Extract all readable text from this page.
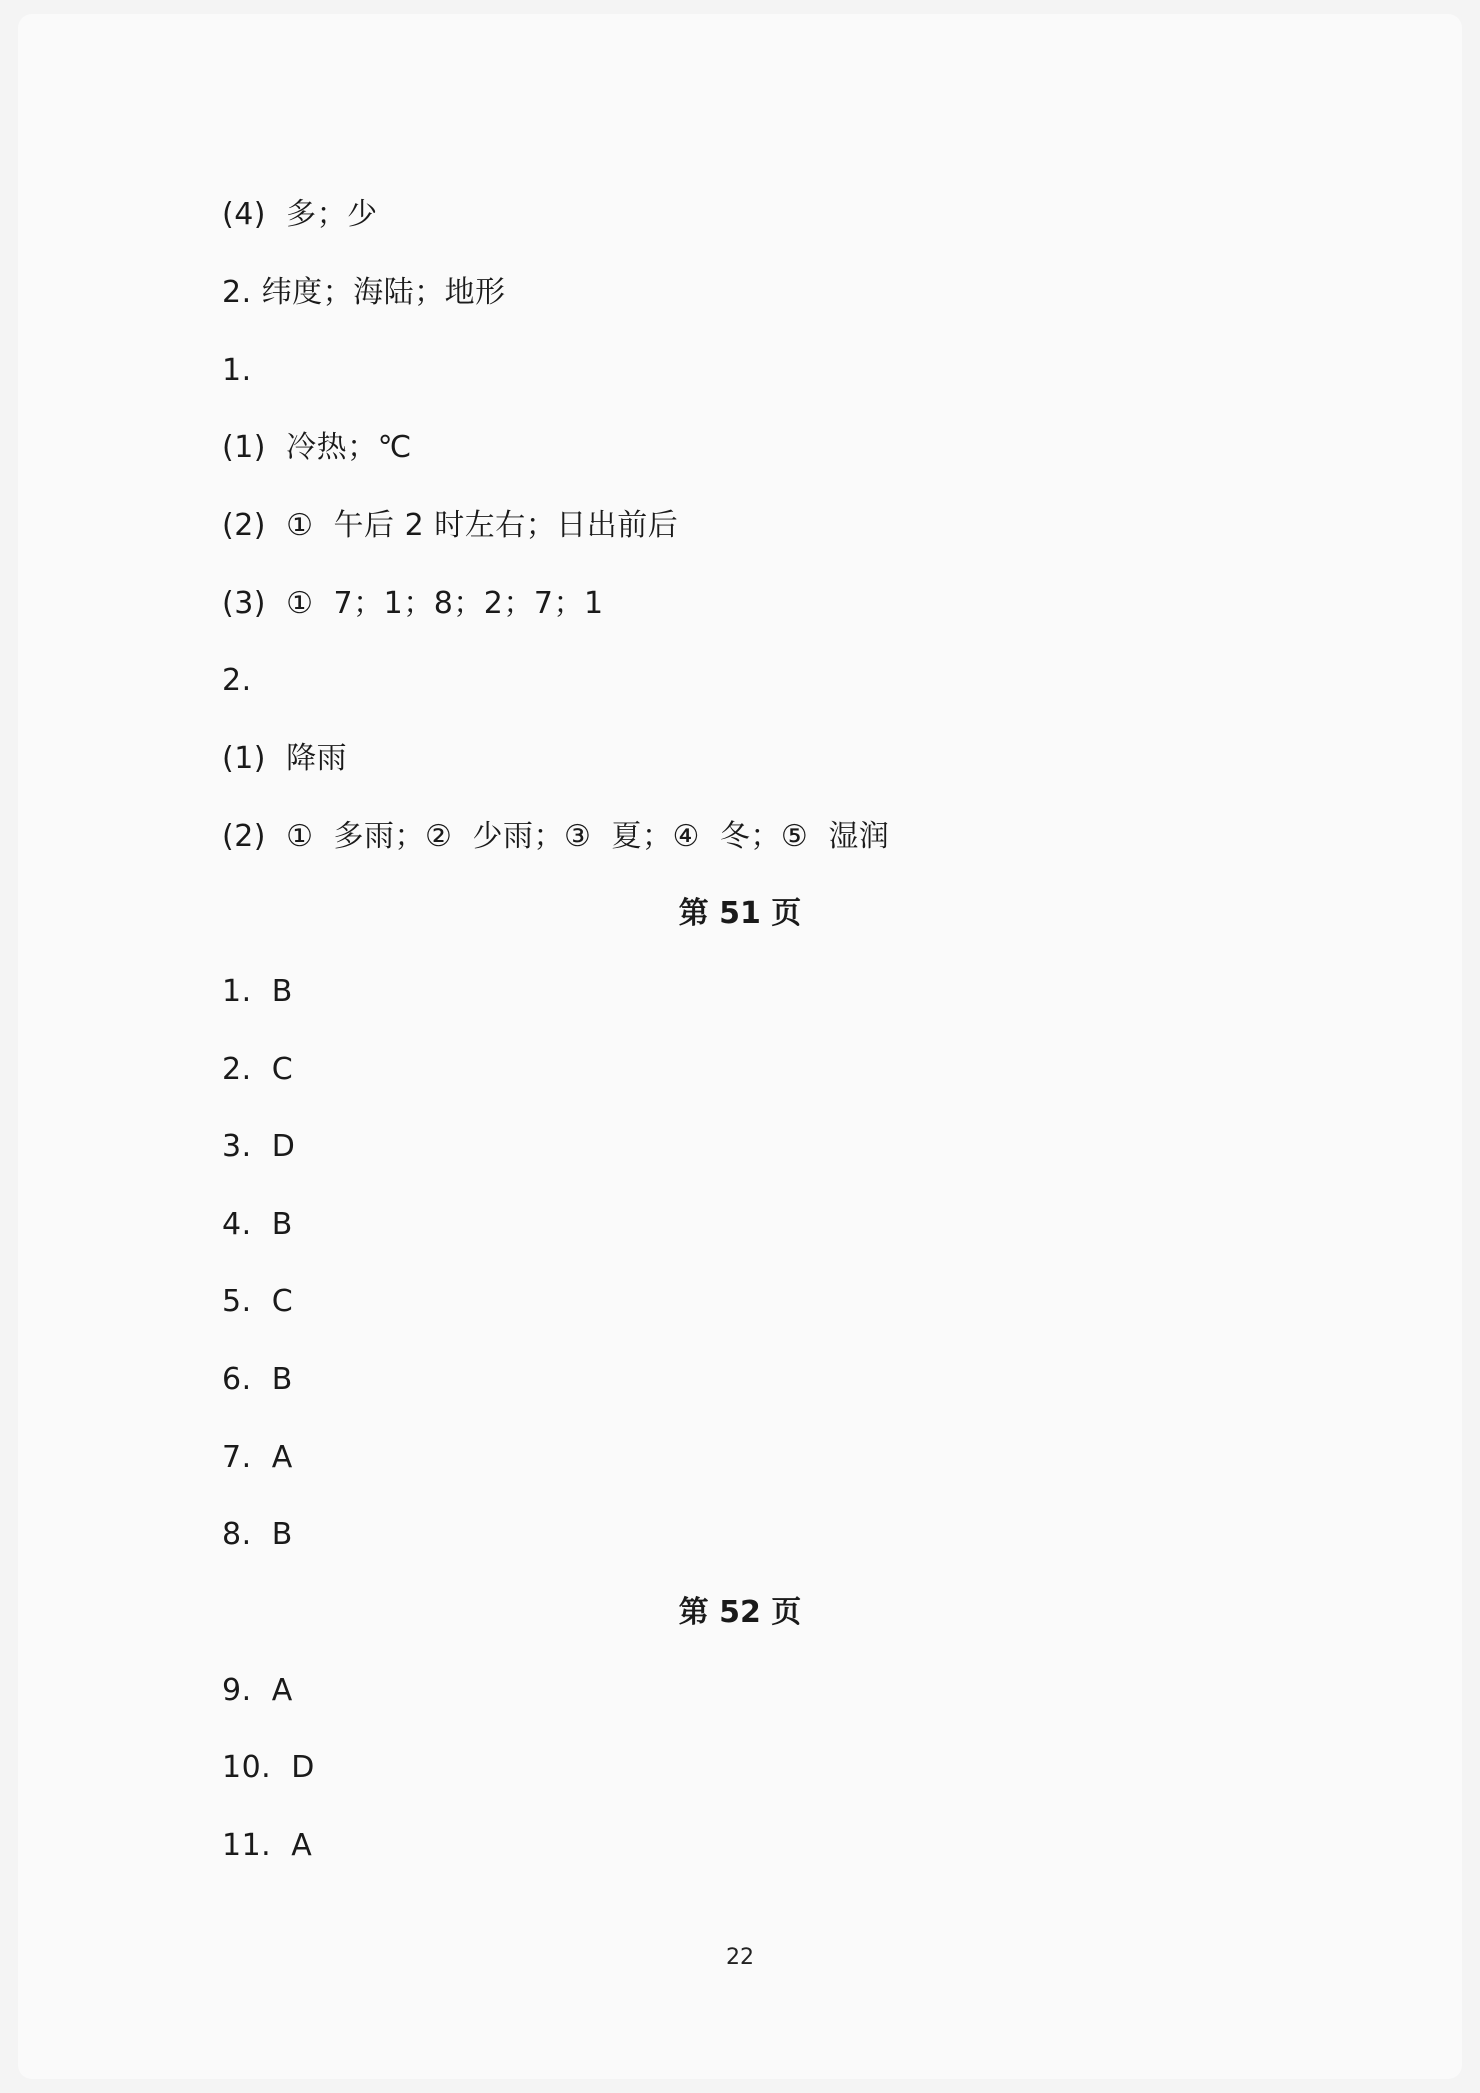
(4)  多；少
2. 纬度；海陆；地形
1.
(1)  冷热；℃
(2)  ①  午后 2 时左右；日出前后
(3)  ①  7；1；8；2；7；1
2.
(1)  降雨
(2)  ①  多雨；②  少雨；③  夏；④  冬；⑤  湿润
第 51 页
1.  B
2.  C
3.  D
4.  B
5.  C
6.  B
7.  A
8.  B
第 52 页
9.  A
10.  D
11.  A
22
